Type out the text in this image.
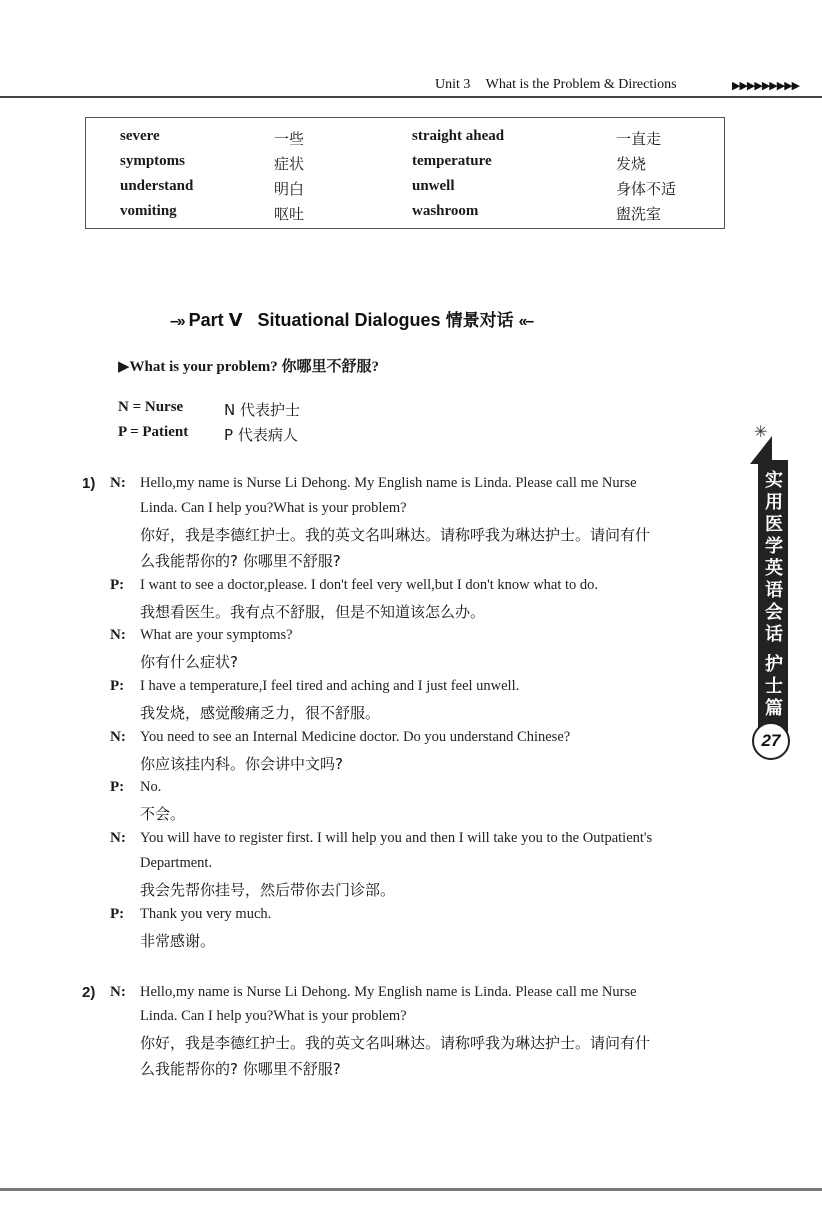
Unit 3 What is the Problem & Directions	▶▶▶▶▶▶▶▶▶
severe	一些	straight ahead	一直走
symptoms	症状	temperature	发烧
understand	明白	unwell	身体不适
vomiting	呕吐	washroom	盥洗室
–›› Part Ⅴ Situational Dialogues 情景对话 ‹‹–
▶What is your problem? 你哪里不舒服?
N = Nurse	N 代表护士
P = Patient P 代表病人
1) N: Hello,my name is Nurse Li Dehong. My English name is Linda. Please call me Nurse
Linda. Can I help you?What is your problem?
你好，我是李德红护士。我的英文名叫琳达。请称呼我为琳达护士。请问有什
么我能帮你的? 你哪里不舒服?
P: I want to see a doctor,please. I don't feel very well,but I don't know what to do.
我想看医生。我有点不舒服，但是不知道该怎么办。
N: What are your symptoms?
你有什么症状?
P: I have a temperature,I feel tired and aching and I just feel unwell.
我发烧，感觉酸痛乏力，很不舒服。
N: You need to see an Internal Medicine doctor. Do you understand Chinese?
你应该挂内科。你会讲中文吗?
P: No.
不会。
N: You will have to register first. I will help you and then I will take you to the Outpatient's
Department.
我会先帮你挂号，然后带你去门诊部。
P: Thank you very much.
非常感谢。
2) N: Hello,my name is Nurse Li Dehong. My English name is Linda. Please call me Nurse
Linda. Can I help you?What is your problem?
你好，我是李德红护士。我的英文名叫琳达。请称呼我为琳达护士。请问有什
么我能帮你的? 你哪里不舒服?
✳
实用医学英语会话
护士篇
27
